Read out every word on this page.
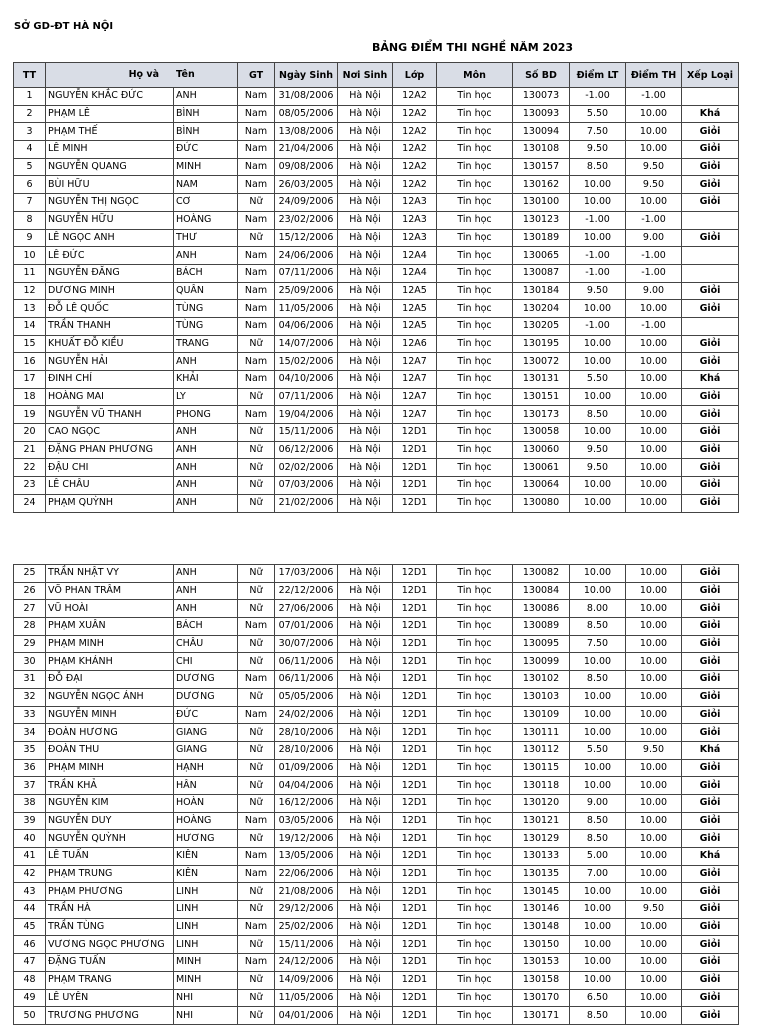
SỞ GD-ĐT HÀ NỘI
BẢNG ĐIỂM THI NGHỀ NĂM 2023
TT	Họ và Tên		GT	Ngày Sinh	Nơi Sinh	Lớp	Môn	Số BD	Điểm LT	Điểm TH	Xếp Loại
1	NGUYỄN KHẮC ĐỨC	ANH	Nam	31/08/2006	Hà Nội	12A2	Tin học	130073	-1.00	-1.00	
2	PHẠM LÊ	BÌNH	Nam	08/05/2006	Hà Nội	12A2	Tin học	130093	5.50	10.00	Khá
3	PHẠM THẾ	BÌNH	Nam	13/08/2006	Hà Nội	12A2	Tin học	130094	7.50	10.00	Giỏi
4	LÊ MINH	ĐỨC	Nam	21/04/2006	Hà Nội	12A2	Tin học	130108	9.50	10.00	Giỏi
5	NGUYỄN QUANG	MINH	Nam	09/08/2006	Hà Nội	12A2	Tin học	130157	8.50	9.50	Giỏi
6	BÙI HỮU	NAM	Nam	26/03/2005	Hà Nội	12A2	Tin học	130162	10.00	9.50	Giỏi
7	NGUYỄN THỊ NGỌC	CƠ	Nữ	24/09/2006	Hà Nội	12A3	Tin học	130100	10.00	10.00	Giỏi
8	NGUYỄN HỮU	HOÀNG	Nam	23/02/2006	Hà Nội	12A3	Tin học	130123	-1.00	-1.00	
9	LÊ NGỌC ANH	THƯ	Nữ	15/12/2006	Hà Nội	12A3	Tin học	130189	10.00	9.00	Giỏi
10	LÊ ĐỨC	ANH	Nam	24/06/2006	Hà Nội	12A4	Tin học	130065	-1.00	-1.00	
11	NGUYỄN ĐĂNG	BÁCH	Nam	07/11/2006	Hà Nội	12A4	Tin học	130087	-1.00	-1.00	
12	DƯƠNG MINH	QUÂN	Nam	25/09/2006	Hà Nội	12A5	Tin học	130184	9.50	9.00	Giỏi
13	ĐỖ LÊ QUỐC	TÙNG	Nam	11/05/2006	Hà Nội	12A5	Tin học	130204	10.00	10.00	Giỏi
14	TRẦN THANH	TÙNG	Nam	04/06/2006	Hà Nội	12A5	Tin học	130205	-1.00	-1.00	
15	KHUẤT ĐỖ KIỀU	TRANG	Nữ	14/07/2006	Hà Nội	12A6	Tin học	130195	10.00	10.00	Giỏi
16	NGUYỄN HẢI	ANH	Nam	15/02/2006	Hà Nội	12A7	Tin học	130072	10.00	10.00	Giỏi
17	ĐINH CHÍ	KHẢI	Nam	04/10/2006	Hà Nội	12A7	Tin học	130131	5.50	10.00	Khá
18	HOÀNG MAI	LY	Nữ	07/11/2006	Hà Nội	12A7	Tin học	130151	10.00	10.00	Giỏi
19	NGUYỄN VŨ THANH	PHONG	Nam	19/04/2006	Hà Nội	12A7	Tin học	130173	8.50	10.00	Giỏi
20	CAO NGỌC	ANH	Nữ	15/11/2006	Hà Nội	12D1	Tin học	130058	10.00	10.00	Giỏi
21	ĐẶNG PHAN PHƯƠNG	ANH	Nữ	06/12/2006	Hà Nội	12D1	Tin học	130060	9.50	10.00	Giỏi
22	ĐẬU CHI	ANH	Nữ	02/02/2006	Hà Nội	12D1	Tin học	130061	9.50	10.00	Giỏi
23	LÊ CHÂU	ANH	Nữ	07/03/2006	Hà Nội	12D1	Tin học	130064	10.00	10.00	Giỏi
24	PHẠM QUỲNH	ANH	Nữ	21/02/2006	Hà Nội	12D1	Tin học	130080	10.00	10.00	Giỏi
25	TRẦN NHẬT VY	ANH	Nữ	17/03/2006	Hà Nội	12D1	Tin học	130082	10.00	10.00	Giỏi
26	VÕ PHAN TRÂM	ANH	Nữ	22/12/2006	Hà Nội	12D1	Tin học	130084	10.00	10.00	Giỏi
27	VŨ HOÀI	ANH	Nữ	27/06/2006	Hà Nội	12D1	Tin học	130086	8.00	10.00	Giỏi
28	PHẠM XUÂN	BÁCH	Nam	07/01/2006	Hà Nội	12D1	Tin học	130089	8.50	10.00	Giỏi
29	PHẠM MINH	CHÂU	Nữ	30/07/2006	Hà Nội	12D1	Tin học	130095	7.50	10.00	Giỏi
30	PHẠM KHÁNH	CHI	Nữ	06/11/2006	Hà Nội	12D1	Tin học	130099	10.00	10.00	Giỏi
31	ĐỖ ĐẠI	DƯƠNG	Nam	06/11/2006	Hà Nội	12D1	Tin học	130102	8.50	10.00	Giỏi
32	NGUYỄN NGỌC ÁNH	DƯƠNG	Nữ	05/05/2006	Hà Nội	12D1	Tin học	130103	10.00	10.00	Giỏi
33	NGUYỄN MINH	ĐỨC	Nam	24/02/2006	Hà Nội	12D1	Tin học	130109	10.00	10.00	Giỏi
34	ĐOÀN HƯƠNG	GIANG	Nữ	28/10/2006	Hà Nội	12D1	Tin học	130111	10.00	10.00	Giỏi
35	ĐOÀN THU	GIANG	Nữ	28/10/2006	Hà Nội	12D1	Tin học	130112	5.50	9.50	Khá
36	PHẠM MINH	HẠNH	Nữ	01/09/2006	Hà Nội	12D1	Tin học	130115	10.00	10.00	Giỏi
37	TRẦN KHẢ	HÂN	Nữ	04/04/2006	Hà Nội	12D1	Tin học	130118	10.00	10.00	Giỏi
38	NGUYỄN KIM	HOÀN	Nữ	16/12/2006	Hà Nội	12D1	Tin học	130120	9.00	10.00	Giỏi
39	NGUYỄN DUY	HOÀNG	Nam	03/05/2006	Hà Nội	12D1	Tin học	130121	8.50	10.00	Giỏi
40	NGUYỄN QUỲNH	HƯƠNG	Nữ	19/12/2006	Hà Nội	12D1	Tin học	130129	8.50	10.00	Giỏi
41	LÊ TUẤN	KIÊN	Nam	13/05/2006	Hà Nội	12D1	Tin học	130133	5.00	10.00	Khá
42	PHẠM TRUNG	KIÊN	Nam	22/06/2006	Hà Nội	12D1	Tin học	130135	7.00	10.00	Giỏi
43	PHẠM PHƯƠNG	LINH	Nữ	21/08/2006	Hà Nội	12D1	Tin học	130145	10.00	10.00	Giỏi
44	TRẦN HÀ	LINH	Nữ	29/12/2006	Hà Nội	12D1	Tin học	130146	10.00	9.50	Giỏi
45	TRẦN TÙNG	LINH	Nam	25/02/2006	Hà Nội	12D1	Tin học	130148	10.00	10.00	Giỏi
46	VƯƠNG NGỌC PHƯƠNG	LINH	Nữ	15/11/2006	Hà Nội	12D1	Tin học	130150	10.00	10.00	Giỏi
47	ĐẶNG TUẤN	MINH	Nam	24/12/2006	Hà Nội	12D1	Tin học	130153	10.00	10.00	Giỏi
48	PHẠM TRANG	MINH	Nữ	14/09/2006	Hà Nội	12D1	Tin học	130158	10.00	10.00	Giỏi
49	LÊ UYÊN	NHI	Nữ	11/05/2006	Hà Nội	12D1	Tin học	130170	6.50	10.00	Giỏi
50	TRƯƠNG PHƯƠNG	NHI	Nữ	04/01/2006	Hà Nội	12D1	Tin học	130171	8.50	10.00	Giỏi
